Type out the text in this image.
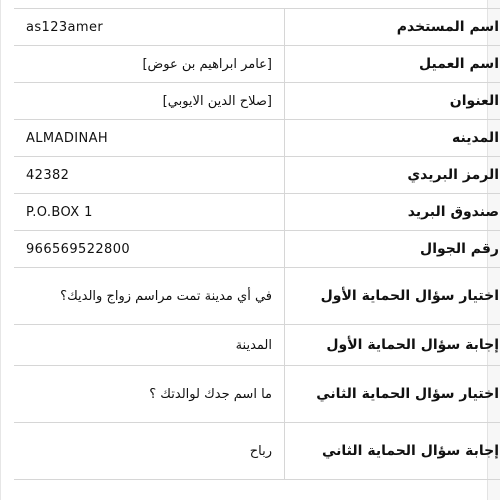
as123amer	اسم المستخدم
[عامر ابراهيم بن عوض]	اسم العميل
[صلاح الدين الايوبي]	العنوان
ALMADINAH	المدينه
42382	الرمز البريدي
P.O.BOX 1	صندوق البريد
966569522800	رقم الجوال
في أي مدينة تمت مراسم زواج والديك؟	اختيار سؤال الحماية الأول
المدينة	إجابة سؤال الحماية الأول
ما اسم جدك لوالدتك ؟	اختيار سؤال الحماية الثاني
رباح	إجابة سؤال الحماية الثاني
